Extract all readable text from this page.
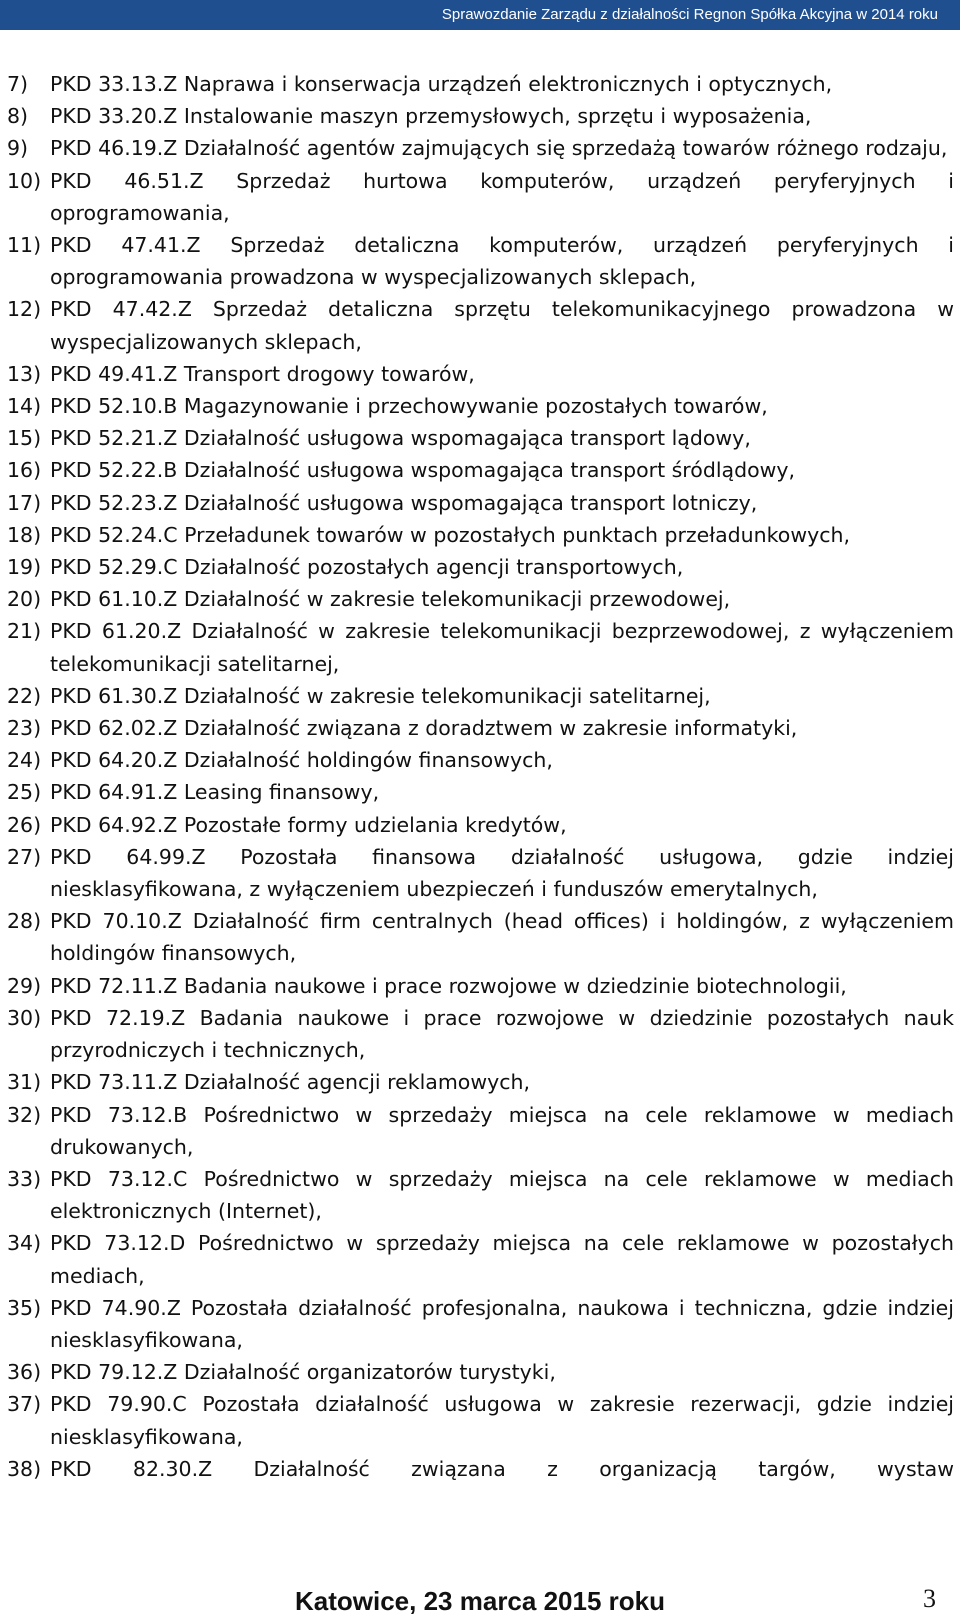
Sprawozdanie Zarządu z działalności Regnon Spółka Akcyjna w 2014 roku
7)	PKD 33.13.Z Naprawa i konserwacja urządzeń elektronicznych i optycznych,
8)	PKD 33.20.Z Instalowanie maszyn przemysłowych, sprzętu i wyposażenia,
9)	PKD 46.19.Z Działalność agentów zajmujących się sprzedażą towarów różnego rodzaju,
10) PKD 46.51.Z Sprzedaż hurtowa komputerów, urządzeń peryferyjnych i oprogramowania,
11) PKD 47.41.Z Sprzedaż detaliczna komputerów, urządzeń peryferyjnych i oprogramowania prowadzona w wyspecjalizowanych sklepach,
12) PKD 47.42.Z Sprzedaż detaliczna sprzętu telekomunikacyjnego prowadzona w wyspecjalizowanych sklepach,
13) PKD 49.41.Z Transport drogowy towarów,
14) PKD 52.10.B Magazynowanie i przechowywanie pozostałych towarów,
15) PKD 52.21.Z Działalność usługowa wspomagająca transport lądowy,
16) PKD 52.22.B Działalność usługowa wspomagająca transport śródlądowy,
17) PKD 52.23.Z Działalność usługowa wspomagająca transport lotniczy,
18) PKD 52.24.C Przeładunek towarów w pozostałych punktach przeładunkowych,
19) PKD 52.29.C Działalność pozostałych agencji transportowych,
20) PKD 61.10.Z Działalność w zakresie telekomunikacji przewodowej,
21) PKD 61.20.Z Działalność w zakresie telekomunikacji bezprzewodowej, z wyłączeniem telekomunikacji satelitarnej,
22) PKD 61.30.Z Działalność w zakresie telekomunikacji satelitarnej,
23) PKD 62.02.Z Działalność związana z doradztwem w zakresie informatyki,
24) PKD 64.20.Z Działalność holdingów finansowych,
25) PKD 64.91.Z Leasing finansowy,
26) PKD 64.92.Z Pozostałe formy udzielania kredytów,
27) PKD 64.99.Z Pozostała finansowa działalność usługowa, gdzie indziej niesklasyfikowana, z wyłączeniem ubezpieczeń i funduszów emerytalnych,
28) PKD 70.10.Z Działalność firm centralnych (head offices) i holdingów, z wyłączeniem holdingów finansowych,
29) PKD 72.11.Z Badania naukowe i prace rozwojowe w dziedzinie biotechnologii,
30) PKD 72.19.Z Badania naukowe i prace rozwojowe w dziedzinie pozostałych nauk przyrodniczych i technicznych,
31) PKD 73.11.Z Działalność agencji reklamowych,
32) PKD 73.12.B Pośrednictwo w sprzedaży miejsca na cele reklamowe w mediach drukowanych,
33) PKD 73.12.C Pośrednictwo w sprzedaży miejsca na cele reklamowe w mediach elektronicznych (Internet),
34) PKD 73.12.D Pośrednictwo w sprzedaży miejsca na cele reklamowe w pozostałych mediach,
35) PKD 74.90.Z Pozostała działalność profesjonalna, naukowa i techniczna, gdzie indziej niesklasyfikowana,
36) PKD 79.12.Z Działalność organizatorów turystyki,
37) PKD 79.90.C Pozostała działalność usługowa w zakresie rezerwacji, gdzie indziej niesklasyfikowana,
38) PKD 82.30.Z Działalność związana z organizacją targów, wystaw
Katowice, 23 marca 2015 roku	3
